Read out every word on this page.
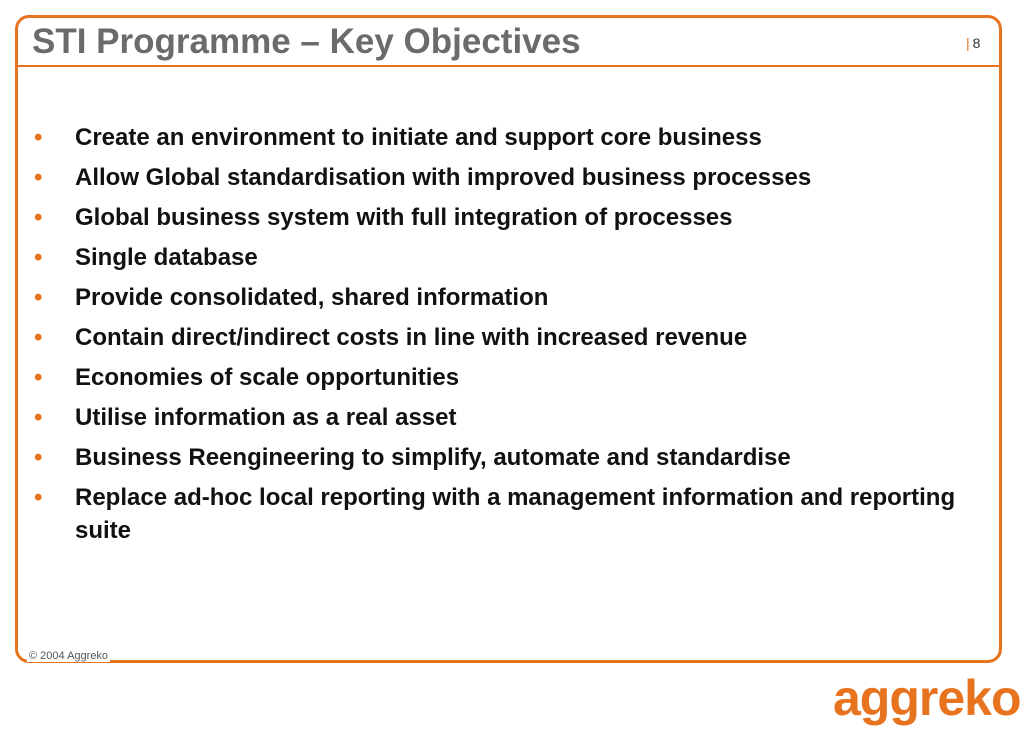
STI Programme – Key Objectives	| 8
• Create an environment to initiate and support core business
• Allow Global standardisation with improved business processes
• Global business system with full integration of processes
• Single database
• Provide consolidated, shared information
• Contain direct/indirect costs in line with increased revenue
• Economies of scale opportunities
• Utilise information as a real asset
• Business Reengineering to simplify, automate and standardise
• Replace ad-hoc local reporting with a management information and reporting suite
© 2004 Aggreko
aggreko
